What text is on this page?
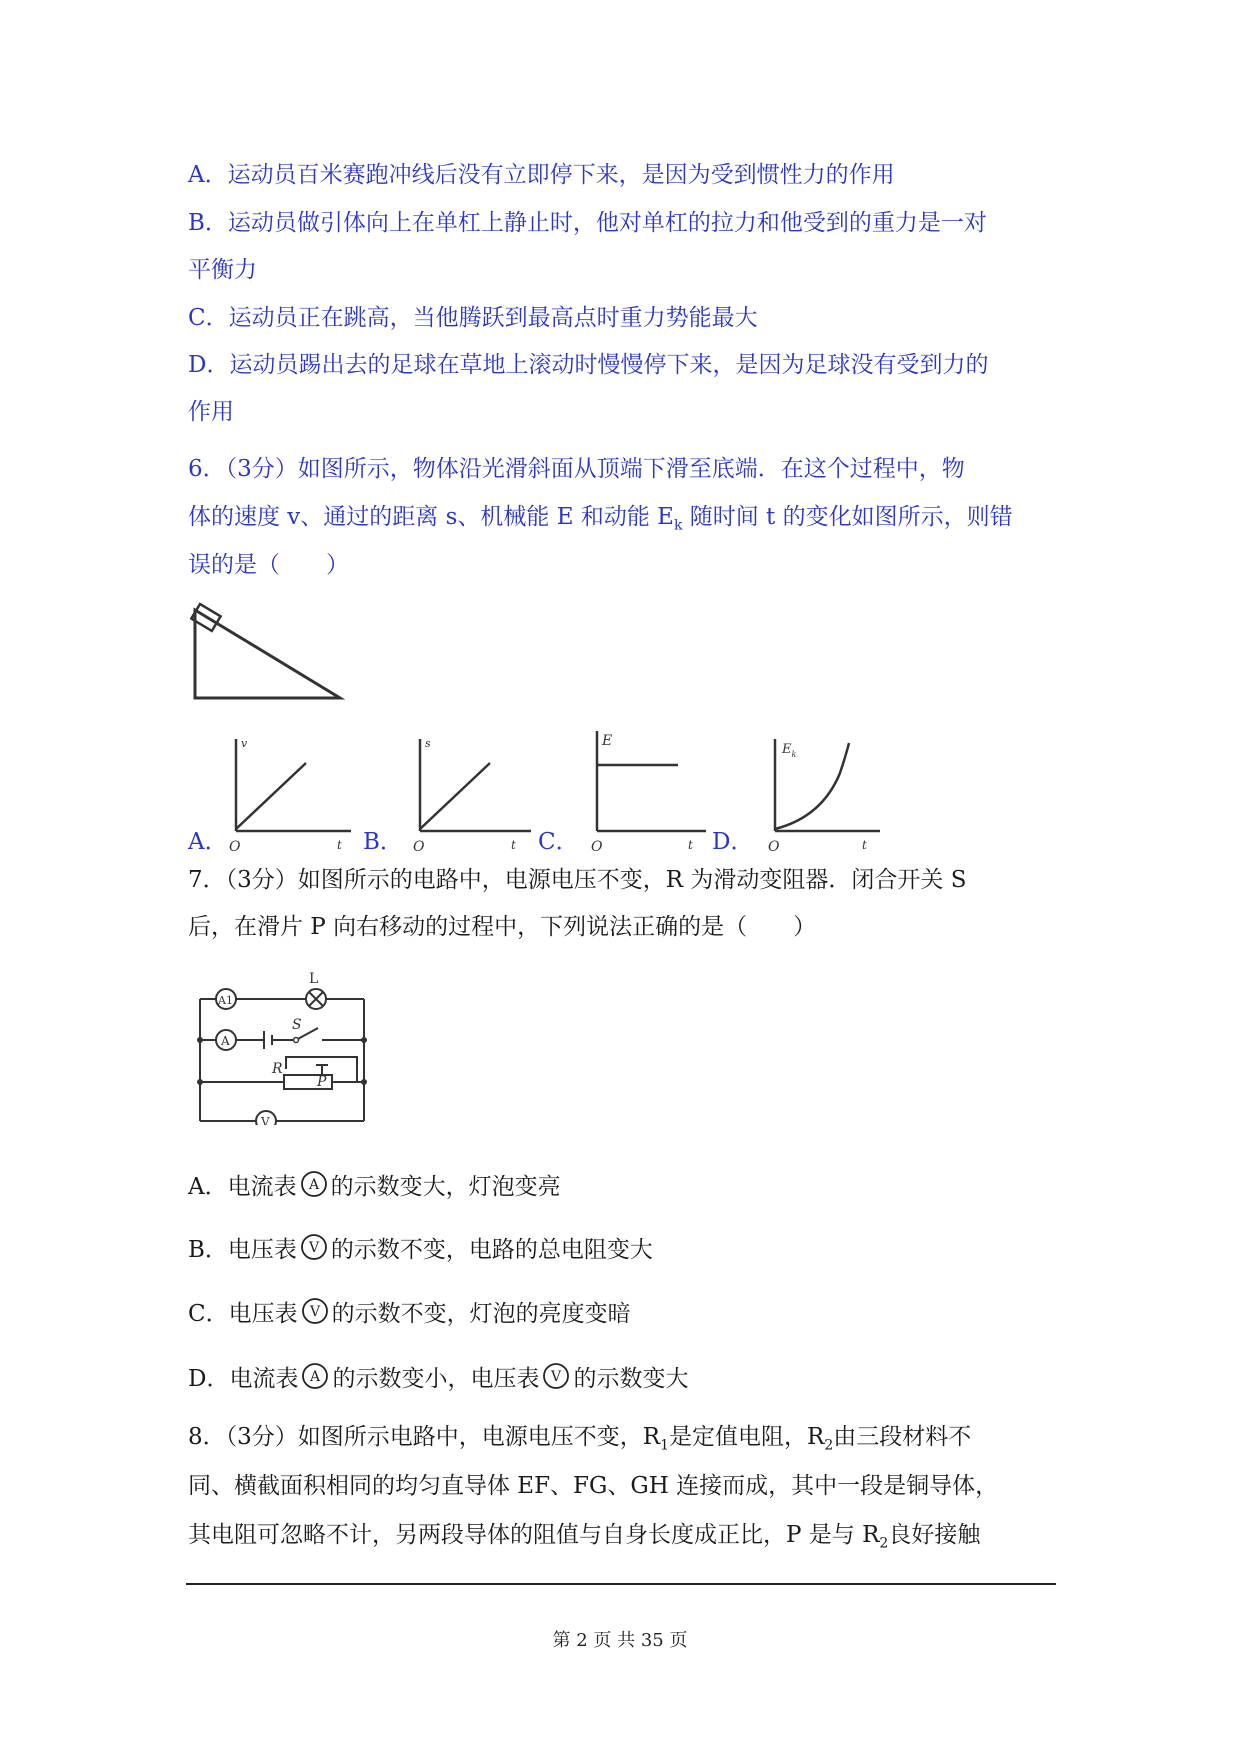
A．运动员百米赛跑冲线后没有立即停下来，是因为受到惯性力的作用
B．运动员做引体向上在单杠上静止时，他对单杠的拉力和他受到的重力是一对
平衡力
C．运动员正在跳高，当他腾跃到最高点时重力势能最大
D．运动员踢出去的足球在草地上滚动时慢慢停下来，是因为足球没有受到力的
作用
6．（3分）如图所示，物体沿光滑斜面从顶端下滑至底端．在这个过程中，物
体的速度 v、通过的距离 s、机械能 E 和动能 $E_k$ 随时间 t 的变化如图所示，则错
误的是（　　）
A．
v
O	t B．
s
O	t C．
E
O	t D．
$E_k$
O	t
7．（3分）如图所示的电路中，电源电压不变，R 为滑动变阻器．闭合开关 S
后，在滑片 P 向右移动的过程中，下列说法正确的是（　　）
L
S
R
P
A1
A
V
A．电流表 A 的示数变大，灯泡变亮
B．电压表 V 的示数不变，电路的总电阻变大
C．电压表 V 的示数不变，灯泡的亮度变暗
D．电流表 A 的示数变小，电压表 V 的示数变大
8．（3分）如图所示电路中，电源电压不变，$R_1$是定值电阻，$R_2$由三段材料不
同、横截面积相同的均匀直导体 EF、FG、GH 连接而成，其中一段是铜导体，
其电阻可忽略不计，另两段导体的阻值与自身长度成正比，P 是与 $R_2$良好接触
第 2 页 共 35 页
